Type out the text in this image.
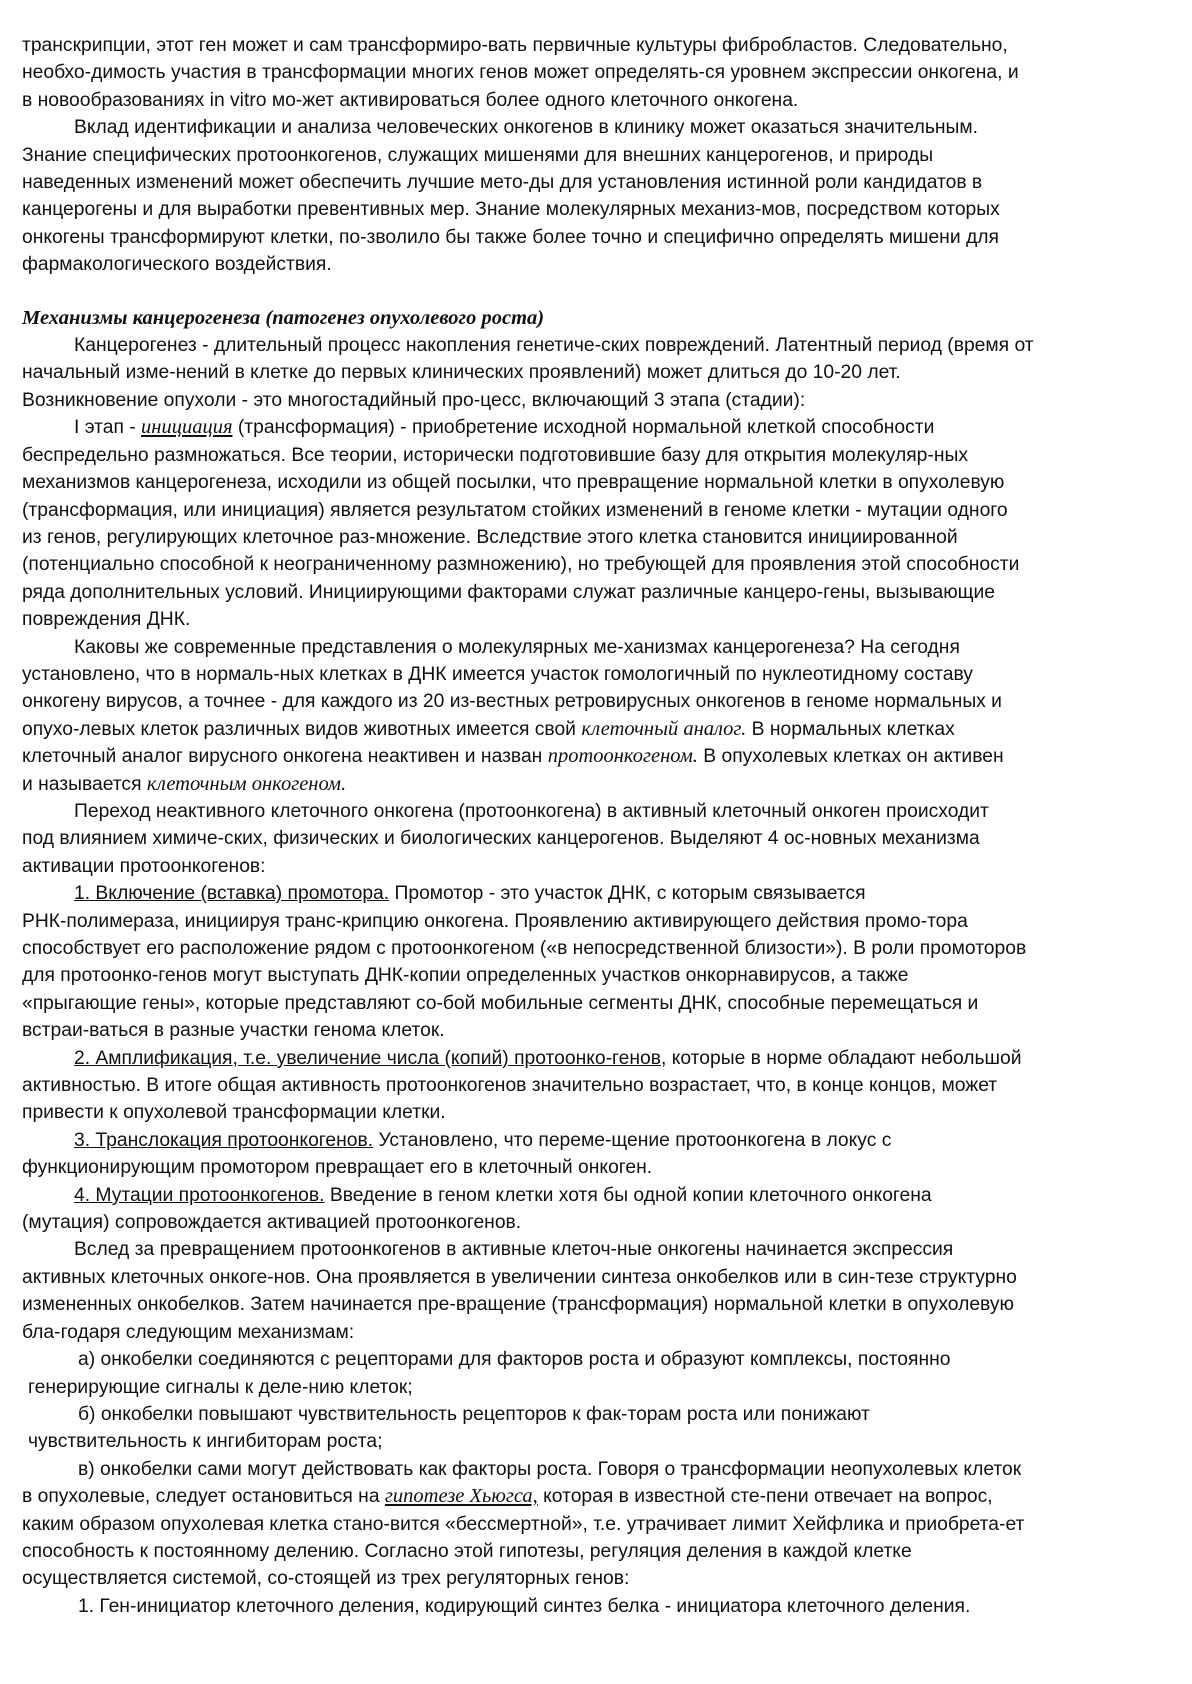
транскрипции, этот ген может и сам трансформиро-вать первичные культуры фибробластов. Следовательно,
необхо-димость участия в трансформации многих генов может определять-ся уровнем экспрессии онкогена, и
в новообразованиях in vitro мо-жет активироваться более одного клеточного онкогена.
Вклад идентификации и анализа человеческих онкогенов в клинику может оказаться значительным.
Знание специфических протоонкогенов, служащих мишенями для внешних канцерогенов, и природы
наведенных изменений может обеспечить лучшие мето-ды для установления истинной роли кандидатов в
канцерогены и для выработки превентивных мер. Знание молекулярных механиз-мов, посредством которых
онкогены трансформируют клетки, по-зволило бы также более точно и специфично определять мишени для
фармакологического воздействия.
Механизмы канцерогенеза (патогенез опухолевого роста)
Канцерогенез - длительный процесс накопления генетиче-ских повреждений. Латентный период (время от
начальный изме-нений в клетке до первых клинических проявлений) может длиться до 10-20 лет.
Возникновение опухоли - это многостадийный про-цесс, включающий 3 этапа (стадии):
I этап - инициация (трансформация) - приобретение исходной нормальной клеткой способности
беспредельно размножаться. Все теории, исторически подготовившие базу для открытия молекуляр-ных
механизмов канцерогенеза, исходили из общей посылки, что превращение нормальной клетки в опухолевую
(трансформация, или инициация) является результатом стойких изменений в геноме клетки - мутации одного
из генов, регулирующих клеточное раз-множение. Вследствие этого клетка становится инициированной
(потенциально способной к неограниченному размножению), но требующей для проявления этой способности
ряда дополнительных условий. Инициирующими факторами служат различные канцеро-гены, вызывающие
повреждения ДНК.
Каковы же современные представления о молекулярных ме-ханизмах канцерогенеза? На сегодня
установлено, что в нормаль-ных клетках в ДНК имеется участок гомологичный по нуклеотидному составу
онкогену вирусов, а точнее - для каждого из 20 из-вестных ретровирусных онкогенов в геноме нормальных и
опухо-левых клеток различных видов животных имеется свой клеточный аналог. В нормальных клетках
клеточный аналог вирусного онкогена неактивен и назван протоонкогеном. В опухолевых клетках он активен
и называется клеточным онкогеном.
Переход неактивного клеточного онкогена (протоонкогена) в активный клеточный онкоген происходит
под влиянием химиче-ских, физических и биологических канцерогенов. Выделяют 4 ос-новных механизма
активации протоонкогенов:
1. Включение (вставка) промотора. Промотор - это участок ДНК, с которым связывается
РНК-полимераза, инициируя транс-крипцию онкогена. Проявлению активирующего действия промо-тора
способствует его расположение рядом с протоонкогеном («в непосредственной близости»). В роли промоторов
для протоонко-генов могут выступать ДНК-копии определенных участков онкорнавирусов, а также
«прыгающие гены», которые представляют со-бой мобильные сегменты ДНК, способные перемещаться и
встраи-ваться в разные участки генома клеток.
2. Амплификация, т.е. увеличение числа (копий) протоонко-генов, которые в норме обладают небольшой
активностью. В итоге общая активность протоонкогенов значительно возрастает, что, в конце концов, может
привести к опухолевой трансформации клетки.
3. Транслокация протоонкогенов. Установлено, что переме-щение протоонкогена в локус с
функционирующим промотором превращает его в клеточный онкоген.
4. Мутации протоонкогенов. Введение в геном клетки хотя бы одной копии клеточного онкогена
(мутация) сопровождается активацией протоонкогенов.
Вслед за превращением протоонкогенов в активные клеточ-ные онкогены начинается экспрессия
активных клеточных онкоге-нов. Она проявляется в увеличении синтеза онкобелков или в син-тезе структурно
измененных онкобелков. Затем начинается пре-вращение (трансформация) нормальной клетки в опухолевую
бла-годаря следующим механизмам:
а) онкобелки соединяются с рецепторами для факторов роста и образуют комплексы, постоянно
генерирующие сигналы к деле-нию клеток;
б) онкобелки повышают чувствительность рецепторов к фак-торам роста или понижают
чувствительность к ингибиторам роста;
в) онкобелки сами могут действовать как факторы роста. Говоря о трансформации неопухолевых клеток
в опухолевые, следует остановиться на гипотезе Хьюгса, которая в известной сте-пени отвечает на вопрос,
каким образом опухолевая клетка стано-вится «бессмертной», т.е. утрачивает лимит Хейфлика и приобрета-ет
способность к постоянному делению. Согласно этой гипотезы, регуляция деления в каждой клетке
осуществляется системой, со-стоящей из трех регуляторных генов:
1. Ген-инициатор клеточного деления, кодирующий синтез белка - инициатора клеточного деления.
